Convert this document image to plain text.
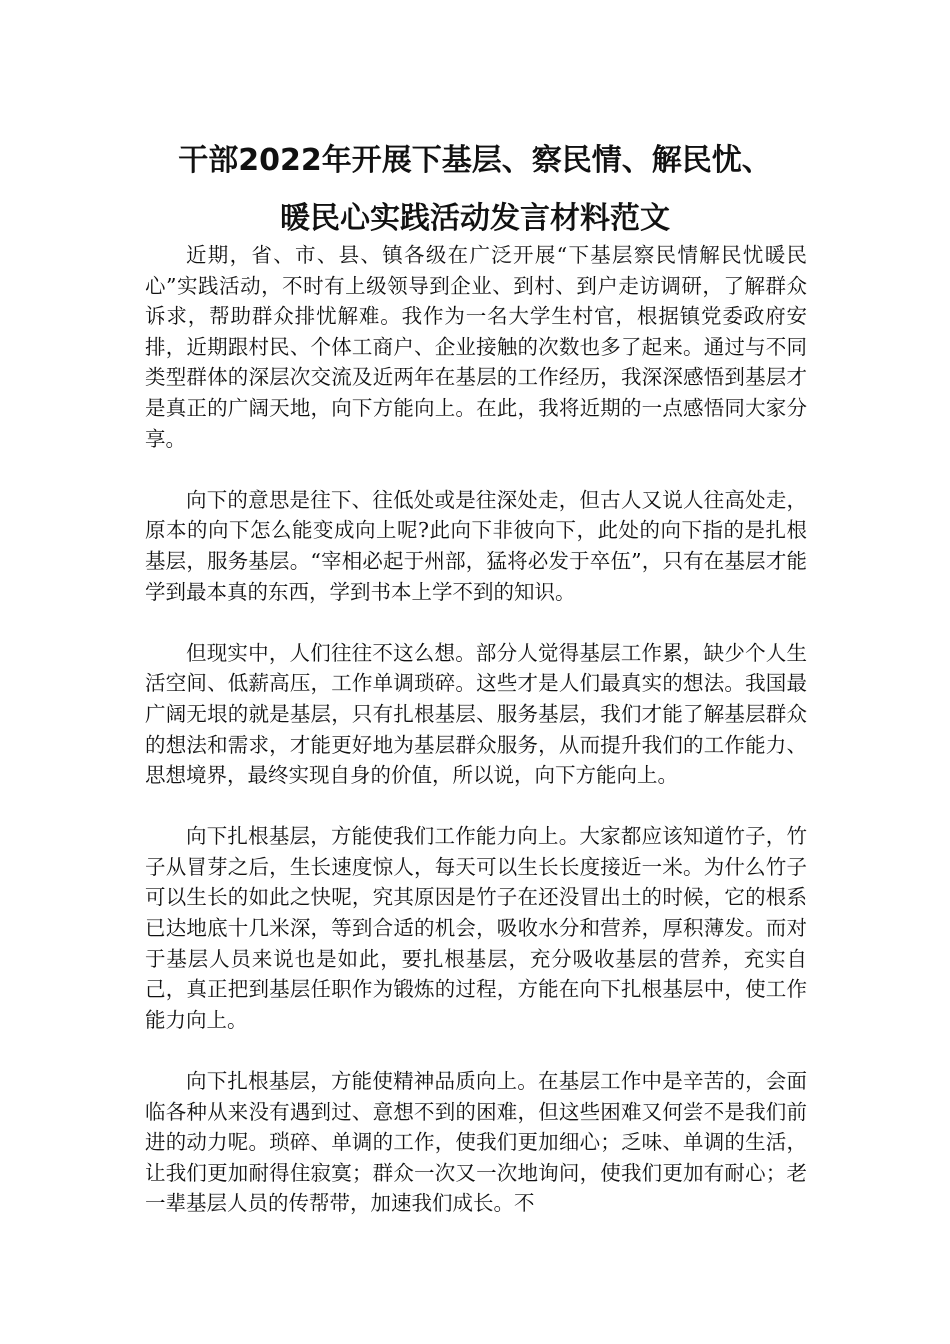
干部2022年开展下基层、察民情、解民忧、
暖民心实践活动发言材料范文

近期，省、市、县、镇各级在广泛开展“下基层察民情解民忧暖民心”实践活动，不时有上级领导到企业、到村、到户走访调研，了解群众诉求，帮助群众排忧解难。我作为一名大学生村官，根据镇党委政府安排，近期跟村民、个体工商户、企业接触的次数也多了起来。通过与不同类型群体的深层次交流及近两年在基层的工作经历，我深深感悟到基层才是真正的广阔天地，向下方能向上。在此，我将近期的一点感悟同大家分享。

向下的意思是往下、往低处或是往深处走，但古人又说人往高处走，原本的向下怎么能变成向上呢?此向下非彼向下，此处的向下指的是扎根基层，服务基层。“宰相必起于州部，猛将必发于卒伍”，只有在基层才能学到最本真的东西，学到书本上学不到的知识。

但现实中，人们往往不这么想。部分人觉得基层工作累，缺少个人生活空间、低薪高压，工作单调琐碎。这些才是人们最真实的想法。我国最广阔无垠的就是基层，只有扎根基层、服务基层，我们才能了解基层群众的想法和需求，才能更好地为基层群众服务，从而提升我们的工作能力、思想境界，最终实现自身的价值，所以说，向下方能向上。

向下扎根基层，方能使我们工作能力向上。大家都应该知道竹子，竹子从冒芽之后，生长速度惊人，每天可以生长长度接近一米。为什么竹子可以生长的如此之快呢，究其原因是竹子在还没冒出土的时候，它的根系已达地底十几米深，等到合适的机会，吸收水分和营养，厚积薄发。而对于基层人员来说也是如此，要扎根基层，充分吸收基层的营养，充实自己，真正把到基层任职作为锻炼的过程，方能在向下扎根基层中，使工作能力向上。

向下扎根基层，方能使精神品质向上。在基层工作中是辛苦的，会面临各种从来没有遇到过、意想不到的困难，但这些困难又何尝不是我们前进的动力呢。琐碎、单调的工作，使我们更加细心；乏味、单调的生活，让我们更加耐得住寂寞；群众一次又一次地询问，使我们更加有耐心；老一辈基层人员的传帮带，加速我们成长。不
